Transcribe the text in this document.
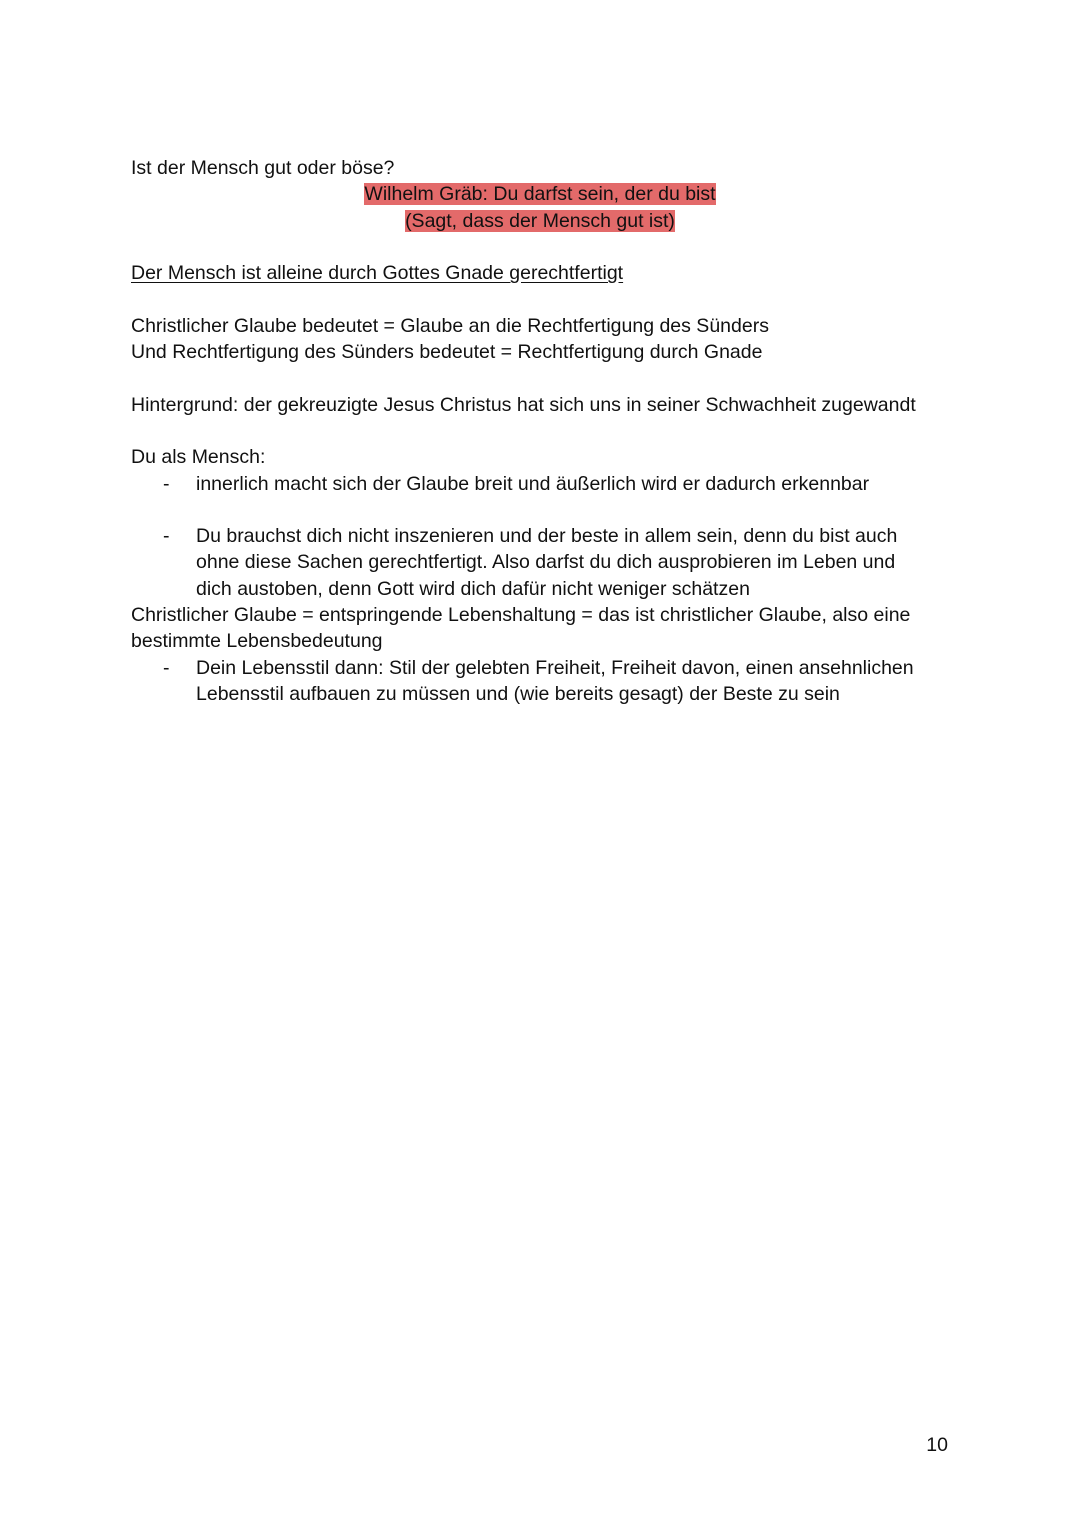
Ist der Mensch gut oder böse?
Wilhelm Gräb: Du darfst sein, der du bist
(Sagt, dass der Mensch gut ist)
Der Mensch ist alleine durch Gottes Gnade gerechtfertigt
Christlicher Glaube bedeutet = Glaube an die Rechtfertigung des Sünders
Und Rechtfertigung des Sünders bedeutet = Rechtfertigung durch Gnade
Hintergrund: der gekreuzigte Jesus Christus hat sich uns in seiner Schwachheit zugewandt
Du als Mensch:
-	innerlich macht sich der Glaube breit und äußerlich wird er dadurch erkennbar
-	Du brauchst dich nicht inszenieren und der beste in allem sein, denn du bist auch ohne diese Sachen gerechtfertigt. Also darfst du dich ausprobieren im Leben und dich austoben, denn Gott wird dich dafür nicht weniger schätzen
Christlicher Glaube = entspringende Lebenshaltung = das ist christlicher Glaube, also eine bestimmte Lebensbedeutung
-	Dein Lebensstil dann: Stil der gelebten Freiheit, Freiheit davon, einen ansehnlichen Lebensstil aufbauen zu müssen und (wie bereits gesagt) der Beste zu sein
10
